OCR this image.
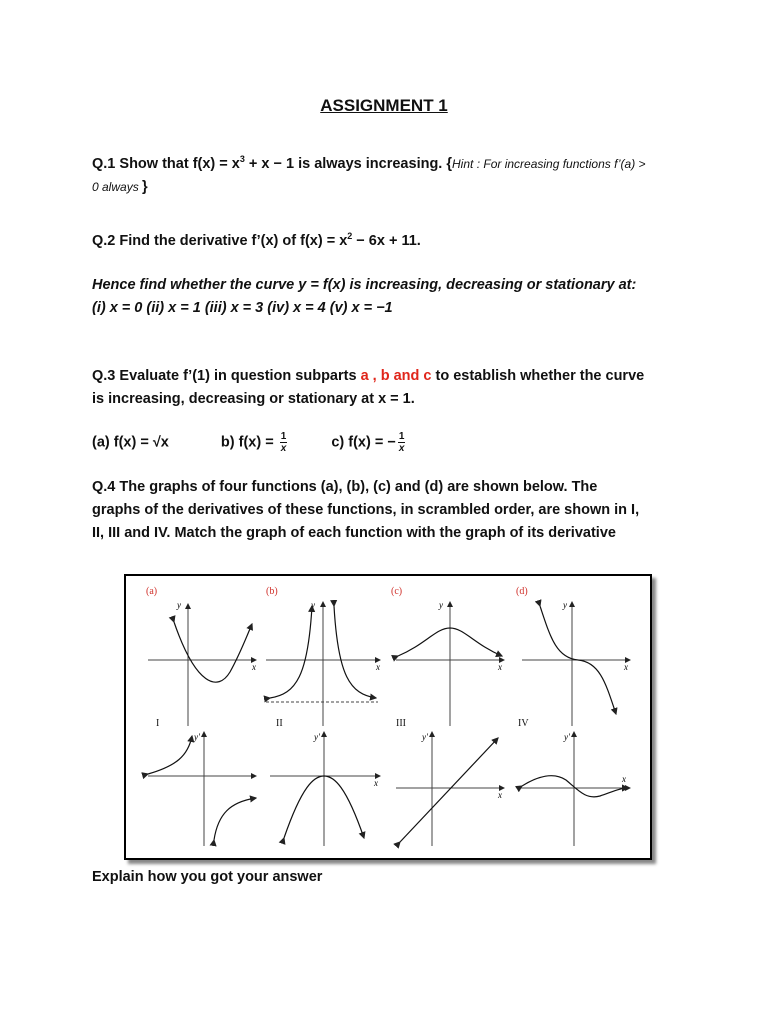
ASSIGNMENT 1
Q.1 Show that $f(x) = x^3 + x - 1$ is always increasing. {Hint : For increasing functions f’(a) >
0 always }
Q.2 Find the derivative f’(x) of $f(x) = x^2 - 6x + 11$.
Hence find whether the curve y = f(x) is increasing, decreasing or stationary at:
(i) x = 0 (ii) x = 1 (iii) x = 3 (iv) x = 4 (v) x = −1
Q.3 Evaluate f’(1) in question subparts a , b and c to establish whether the curve
is increasing, decreasing or stationary at x = 1.
(a) f(x) = √x	b) $f(x) = \frac{1}{x}$	c) f(x) = − $\frac{1}{x}$
Q.4 The graphs of four functions (a), (b), (c) and (d) are shown below. The
graphs of the derivatives of these functions, in scrambled order, are shown in I,
II, III and IV. Match the graph of each function with the graph of its derivative
(a)
y
x
(b)
y
x
(c)
y
x
(d)
y
x
I
y′
II
y′
x
III
y′
x
IV
y′
x
Explain how you got your answer
